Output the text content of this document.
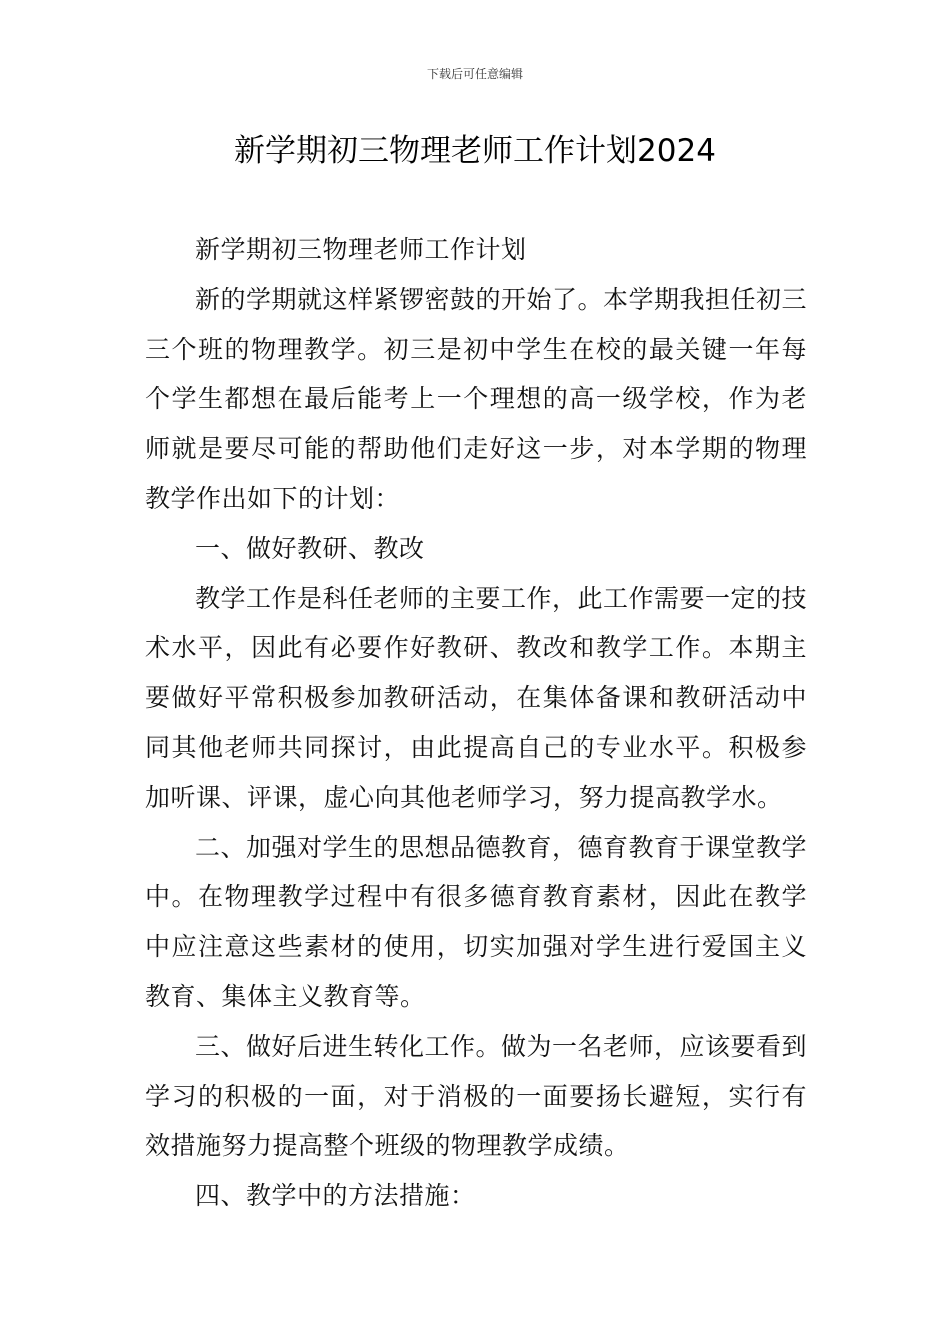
下载后可任意编辑
新学期初三物理老师工作计划2024

新学期初三物理老师工作计划

新的学期就这样紧锣密鼓的开始了。本学期我担任初三三个班的物理教学。初三是初中学生在校的最关键一年每个学生都想在最后能考上一个理想的高一级学校，作为老师就是要尽可能的帮助他们走好这一步，对本学期的物理教学作出如下的计划：

一、做好教研、教改

教学工作是科任老师的主要工作，此工作需要一定的技术水平，因此有必要作好教研、教改和教学工作。本期主要做好平常积极参加教研活动，在集体备课和教研活动中同其他老师共同探讨，由此提高自己的专业水平。积极参加听课、评课，虚心向其他老师学习，努力提高教学水。

二、加强对学生的思想品德教育，德育教育于课堂教学中。在物理教学过程中有很多德育教育素材，因此在教学中应注意这些素材的使用，切实加强对学生进行爱国主义教育、集体主义教育等。

三、做好后进生转化工作。做为一名老师，应该要看到学习的积极的一面，对于消极的一面要扬长避短，实行有效措施努力提高整个班级的物理教学成绩。

四、教学中的方法措施：
